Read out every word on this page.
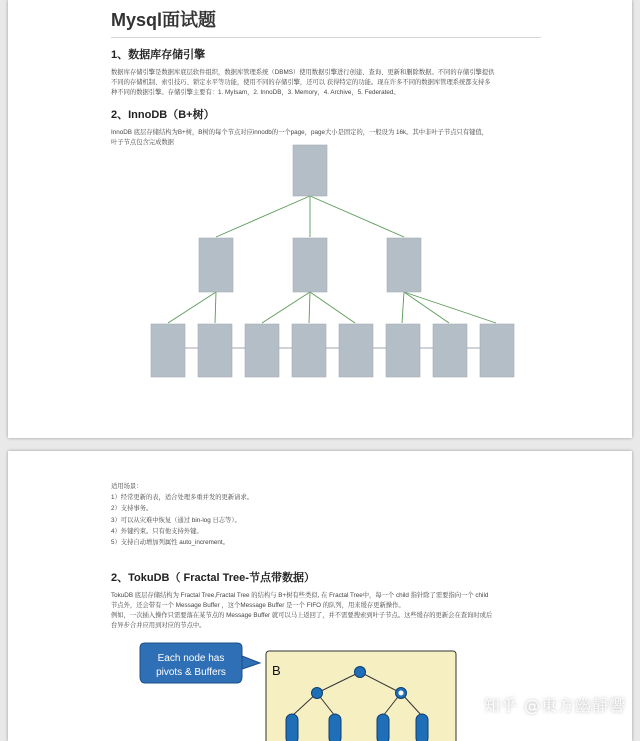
Mysql面试题
1、数据库存储引擎

数据库存储引擎是数据库底层软件组织，数据库管理系统（DBMS）使用数据引擎进行创建、查询、更新和删除数据。不同的存储引擎提供

不同的存储机制、索引技巧、锁定水平等功能，使用不同的存储引擎，还可以 获得特定的功能。现在许多不同的数据库管理系统都支持多

种不同的数据引擎。存储引擎主要有：1. MyIsam，2. InnoDB，3. Memory，4. Archive，5. Federated。

2、InnoDB（B+树）

InnoDB 底层存储结构为B+树，B树的每个节点对应innodb的一个page，page大小是固定的，一般设为 16k。其中非叶子节点只有键值，

叶子节点包含完成数据

适用场景：

1）经常更新的表，适合处理多重并发的更新请求。

2）支持事务。

3）可以从灾难中恢复（通过 bin-log 日志等）。

4）外键约束。只有他支持外键。

5）支持自动增加列属性 auto_increment。

2、TokuDB（ Fractal Tree-节点带数据）

TokuDB 底层存储结构为 Fractal Tree,Fractal Tree 的结构与 B+树有些类似, 在 Fractal Tree中，每一个 child 指针除了需要指向一个 child

节点外，还会带有一个 Message Buffer ，这个Message Buffer 是一个 FIFO 的队列，用来缓存更新操作。

例如，一次插入操作只需要落在某节点的 Message Buffer 就可以马上返回了，并不需要搜索到叶子节点。这些缓存的更新会在查询时或后

台异步合并应用到对应的节点中。

Each node has
pivots & Buffers	B
知乎 @東方幽靜響
